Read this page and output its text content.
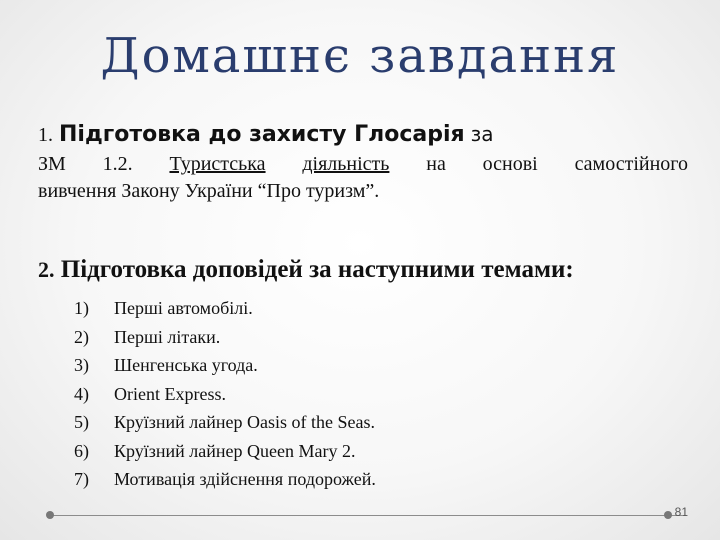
Домашнє завдання
1. Підготовка до захисту Глосарія за
ЗМ 1.2. Туристська діяльність на основі самостійного
вивчення Закону України “Про туризм”.
2. Підготовка доповідей за наступними темами:
1)	Перші автомобілі.
2)	Перші літаки.
3)	Шенгенська угода.
4)	Orient Express.
5)	Круїзний лайнер Oasis of the Seas.
6)	Круїзний лайнер Queen Mary 2.
7)	Мотивація здійснення подорожей.
81
